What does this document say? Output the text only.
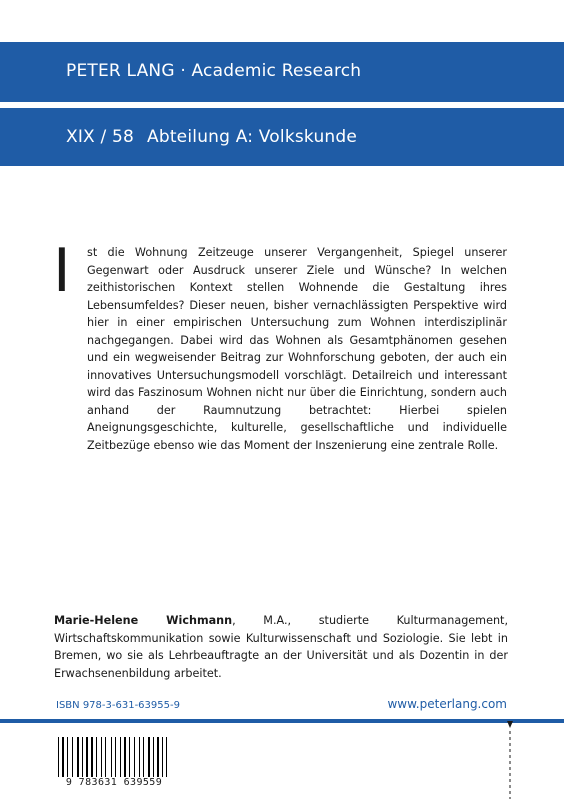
PETER LANG · Academic Research
XIX / 58 Abteilung A: Volkskunde
I st die Wohnung Zeitzeuge unserer Vergangenheit, Spiegel unserer Gegenwart oder Ausdruck unserer Ziele und Wünsche? In welchen zeithistorischen Kontext stellen Wohnende die Gestaltung ihres Lebensumfeldes? Dieser neuen, bisher vernachlässigten Perspektive wird hier in einer empirischen Untersuchung zum Wohnen interdisziplinär nachgegangen. Dabei wird das Wohnen als Gesamtphänomen gesehen und ein wegweisender Beitrag zur Wohnforschung geboten, der auch ein innovatives Untersuchungsmodell vorschlägt. Detailreich und interessant wird das Faszinosum Wohnen nicht nur über die Einrichtung, sondern auch anhand der Raumnutzung betrachtet: Hierbei spielen Aneignungsgeschichte, kulturelle, gesellschaftliche und individuelle Zeitbezüge ebenso wie das Moment der Inszenierung eine zentrale Rolle.

Marie-Helene Wichmann, M.A., studierte Kulturmanagement, Wirtschaftskommunikation sowie Kulturwissenschaft und Soziologie. Sie lebt in Bremen, wo sie als Lehrbeauftragte an der Universität und als Dozentin in der Erwachsenenbildung arbeitet.

ISBN 978-3-631-63955-9	www.peterlang.com
9 783631 639559
